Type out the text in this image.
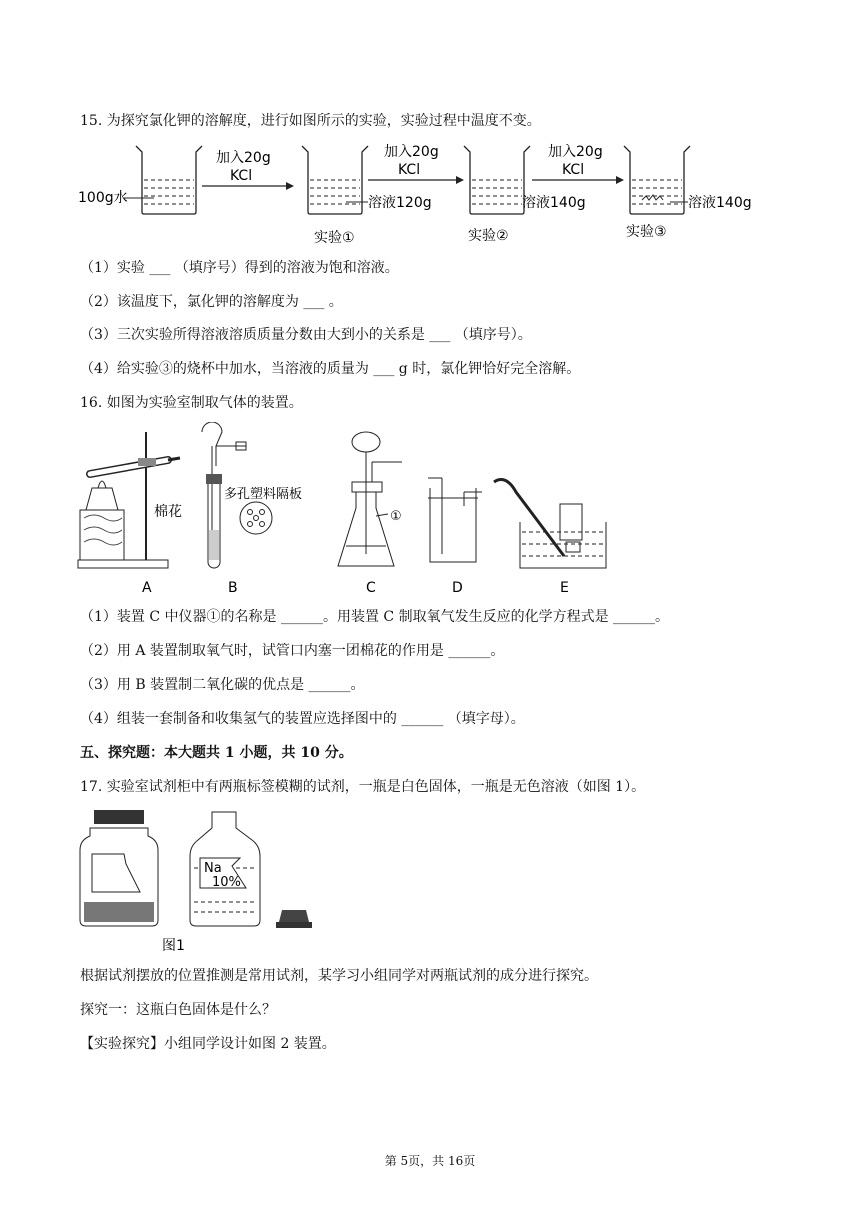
15. 为探究氯化钾的溶解度，进行如图所示的实验，实验过程中温度不变。
100g水
加入20g
KCl
溶液120g
实验①
加入20g
KCl
溶液140g
实验②
加入20g
KCl
溶液140g
实验③
（1）实验 ___ （填序号）得到的溶液为饱和溶液。
（2）该温度下，氯化钾的溶解度为 ___ 。
（3）三次实验所得溶液溶质质量分数由大到小的关系是 ___ （填序号）。
（4）给实验③的烧杯中加水，当溶液的质量为 ___ g 时，氯化钾恰好完全溶解。
16. 如图为实验室制取气体的装置。
棉花
多孔塑料隔板
①
A	B	C	D	E
（1）装置 C 中仪器①的名称是 ______。用装置 C 制取氧气发生反应的化学方程式是 ______。
（2）用 A 装置制取氧气时，试管口内塞一团棉花的作用是 ______。
（3）用 B 装置制二氧化碳的优点是 ______。
（4）组装一套制备和收集氢气的装置应选择图中的 ______ （填字母）。
五、探究题：本大题共 1 小题，共 10 分。
17. 实验室试剂柜中有两瓶标签模糊的试剂，一瓶是白色固体，一瓶是无色溶液（如图 1）。
Na
10%
图1
根据试剂摆放的位置推测是常用试剂，某学习小组同学对两瓶试剂的成分进行探究。
探究一：这瓶白色固体是什么？
【实验探究】小组同学设计如图 2 装置。
第 5页，共 16页
